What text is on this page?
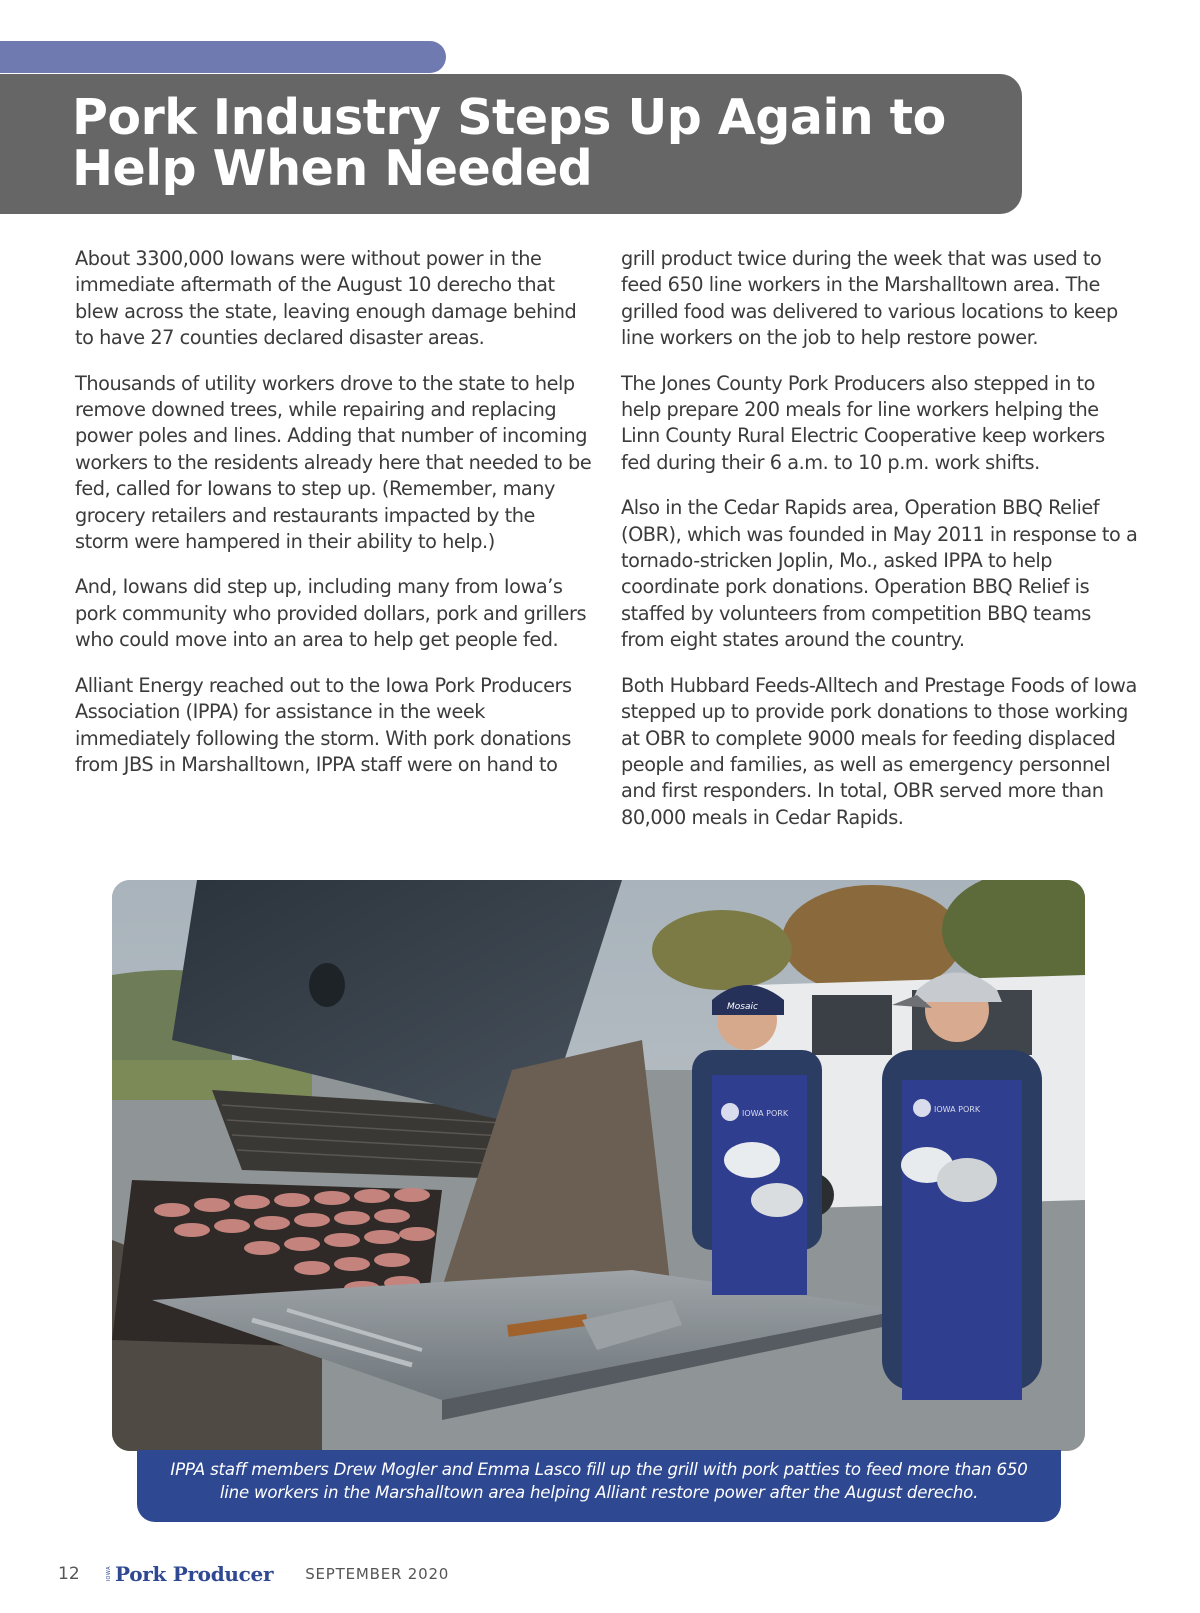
Pork Industry Steps Up Again to Help When Needed

About 3300,000 Iowans were without power in the immediate aftermath of the August 10 derecho that blew across the state, leaving enough damage behind to have 27 counties declared disaster areas.

Thousands of utility workers drove to the state to help remove downed trees, while repairing and replacing power poles and lines. Adding that number of incoming workers to the residents already here that needed to be fed, called for Iowans to step up. (Remember, many grocery retailers and restaurants impacted by the storm were hampered in their ability to help.)

And, Iowans did step up, including many from Iowa’s pork community who provided dollars, pork and grillers who could move into an area to help get people fed.

Alliant Energy reached out to the Iowa Pork Producers Association (IPPA) for assistance in the week immediately following the storm. With pork donations from JBS in Marshalltown, IPPA staff were on hand to

grill product twice during the week that was used to feed 650 line workers in the Marshalltown area. The grilled food was delivered to various locations to keep line workers on the job to help restore power.

The Jones County Pork Producers also stepped in to help prepare 200 meals for line workers helping the Linn County Rural Electric Cooperative keep workers fed during their 6 a.m. to 10 p.m. work shifts.

Also in the Cedar Rapids area, Operation BBQ Relief (OBR), which was founded in May 2011 in response to a tornado-stricken Joplin, Mo., asked IPPA to help coordinate pork donations. Operation BBQ Relief is staffed by volunteers from competition BBQ teams from eight states around the country.

Both Hubbard Feeds-Alltech and Prestage Foods of Iowa stepped up to provide pork donations to those working at OBR to complete 9000 meals for feeding displaced people and families, as well as emergency personnel and first responders. In total, OBR served more than 80,000 meals in Cedar Rapids.

Mosaic
IOWA PORK	IOWA PORK
IPPA staff members Drew Mogler and Emma Lasco fill up the grill with pork patties to feed more than 650 line workers in the Marshalltown area helping Alliant restore power after the August derecho.
12	IOWA Pork Producer SEPTEMBER 2020
